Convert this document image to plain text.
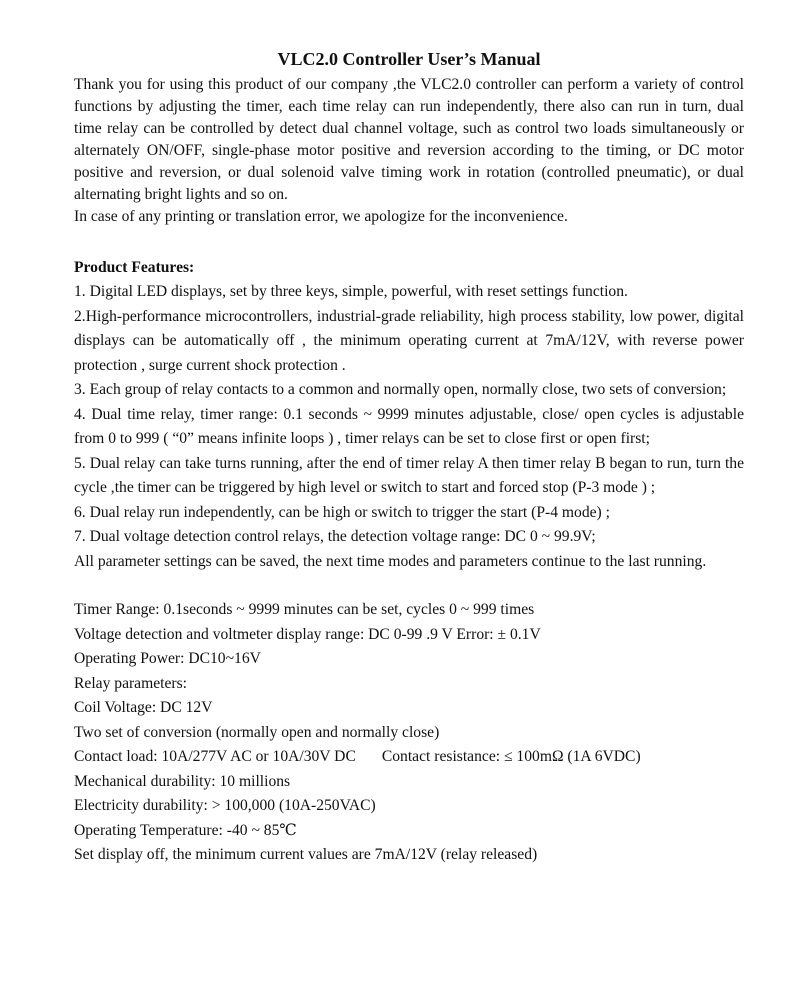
VLC2.0 Controller User’s Manual

Thank you for using this product of our company ,the VLC2.0 controller can perform a variety of control functions by adjusting the timer, each time relay can run independently, there also can run in turn, dual time relay can be controlled by detect dual channel voltage, such as control two loads simultaneously or alternately ON/OFF, single-phase motor positive and reversion according to the timing, or DC motor positive and reversion, or dual solenoid valve timing work in rotation (controlled pneumatic), or dual alternating bright lights and so on.

In case of any printing or translation error, we apologize for the inconvenience.

Product Features:

1. Digital LED displays, set by three keys, simple, powerful, with reset settings function.

2.High-performance microcontrollers, industrial-grade reliability, high process stability, low power, digital displays can be automatically off , the minimum operating current at 7mA/12V, with reverse power protection , surge current shock protection .

3. Each group of relay contacts to a common and normally open, normally close, two sets of conversion;

4. Dual time relay, timer range: 0.1 seconds ~ 9999 minutes adjustable, close/ open cycles is adjustable from 0 to 999 ( “0” means infinite loops ) , timer relays can be set to close first or open first;

5. Dual relay can take turns running, after the end of timer relay A then timer relay B began to run, turn the cycle ,the timer can be triggered by high level or switch to start and forced stop (P-3 mode ) ;

6. Dual relay run independently, can be high or switch to trigger the start (P-4 mode) ;

7. Dual voltage detection control relays, the detection voltage range: DC 0 ~ 99.9V;

All parameter settings can be saved, the next time modes and parameters continue to the last running.

Timer Range: 0.1seconds ~ 9999 minutes can be set, cycles 0 ~ 999 times

Voltage detection and voltmeter display range: DC 0-99 .9 V Error: ± 0.1V

Operating Power: DC10~16V

Relay parameters:

Coil Voltage: DC 12V

Two set of conversion (normally open and normally close)

Contact load: 10A/277V AC or 10A/30V DC Contact resistance: ≤ 100mΩ (1A 6VDC)

Mechanical durability: 10 millions

Electricity durability: > 100,000 (10A-250VAC)

Operating Temperature: -40 ~ 85℃

Set display off, the minimum current values are 7mA/12V (relay released)
